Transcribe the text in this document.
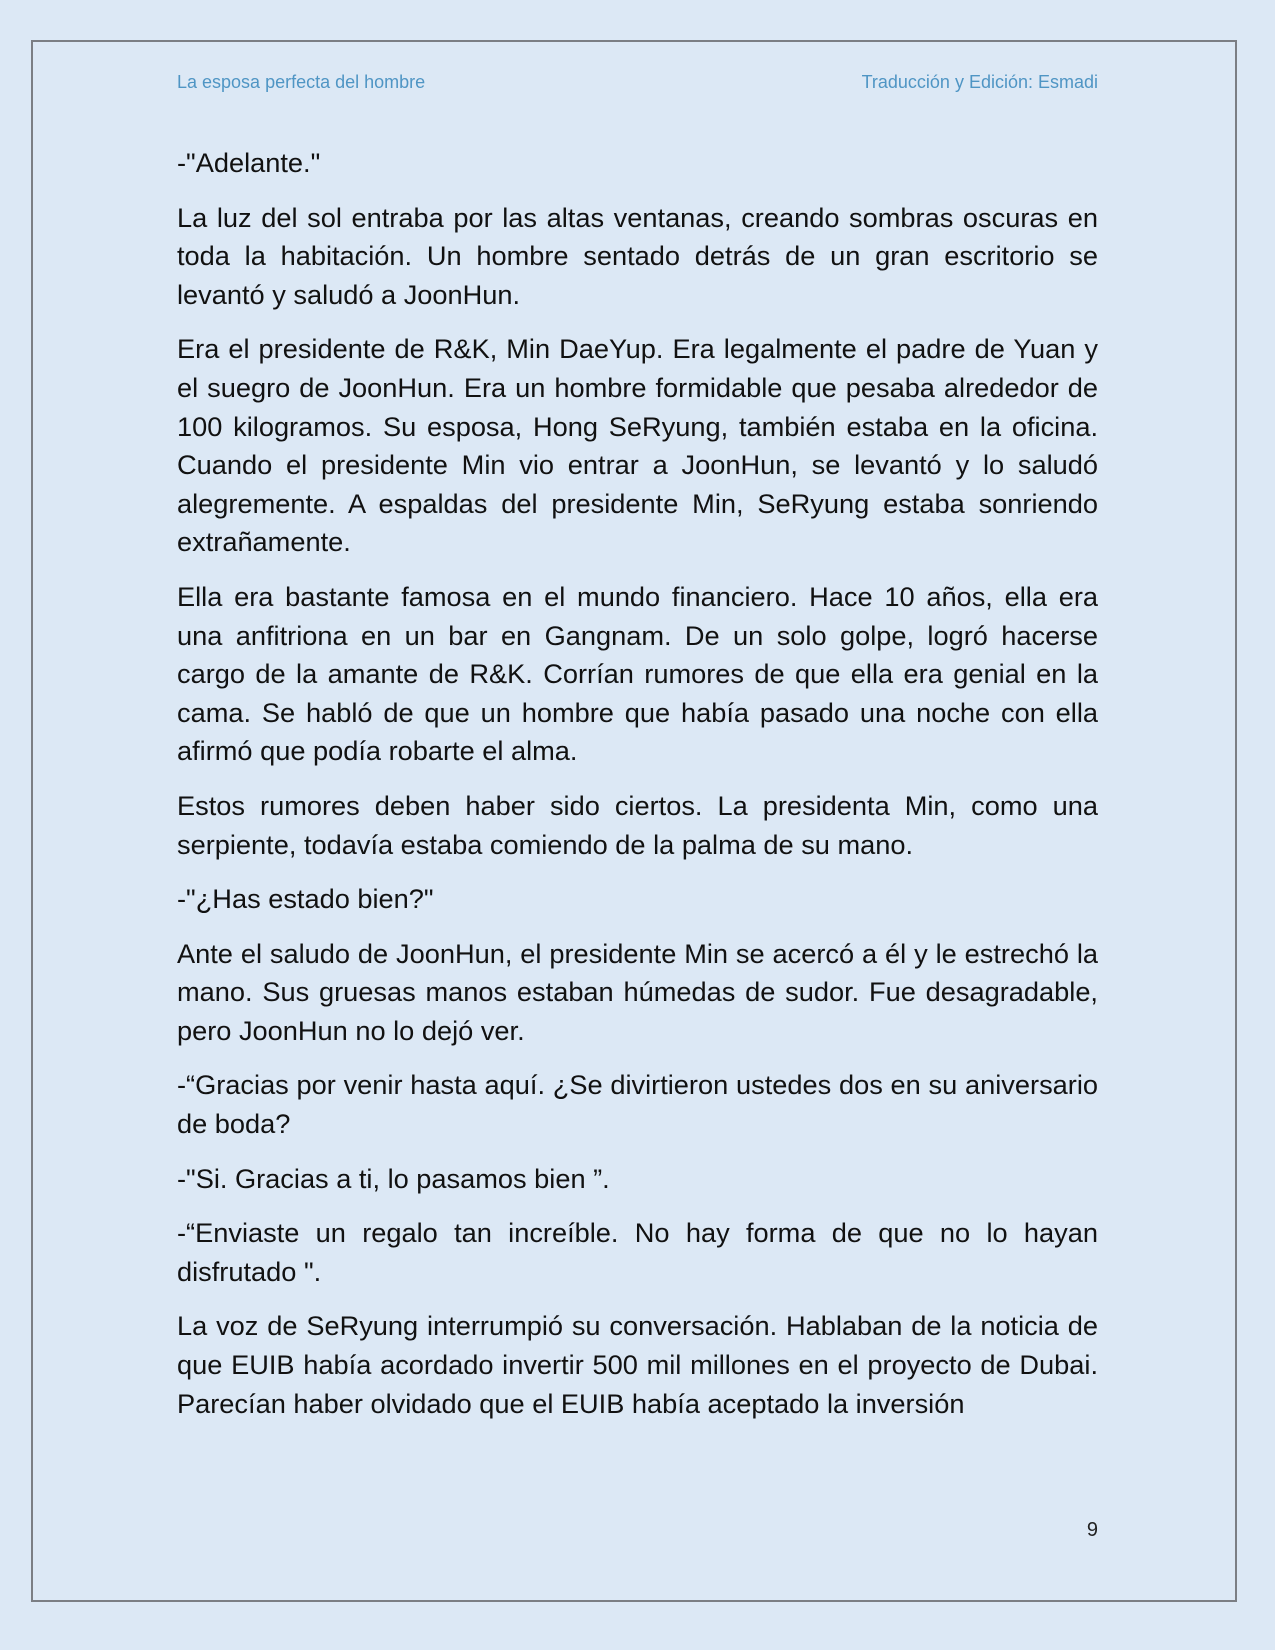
La esposa perfecta del hombre	Traducción y Edición: Esmadi

-"Adelante."

La luz del sol entraba por las altas ventanas, creando sombras oscuras en toda la habitación. Un hombre sentado detrás de un gran escritorio se levantó y saludó a JoonHun.

Era el presidente de R&K, Min DaeYup. Era legalmente el padre de Yuan y el suegro de JoonHun. Era un hombre formidable que pesaba alrededor de 100 kilogramos. Su esposa, Hong SeRyung, también estaba en la oficina. Cuando el presidente Min vio entrar a JoonHun, se levantó y lo saludó alegremente. A espaldas del presidente Min, SeRyung estaba sonriendo extrañamente.

Ella era bastante famosa en el mundo financiero. Hace 10 años, ella era una anfitriona en un bar en Gangnam. De un solo golpe, logró hacerse cargo de la amante de R&K. Corrían rumores de que ella era genial en la cama. Se habló de que un hombre que había pasado una noche con ella afirmó que podía robarte el alma.

Estos rumores deben haber sido ciertos. La presidenta Min, como una serpiente, todavía estaba comiendo de la palma de su mano.

-"¿Has estado bien?"

Ante el saludo de JoonHun, el presidente Min se acercó a él y le estrechó la mano. Sus gruesas manos estaban húmedas de sudor. Fue desagradable, pero JoonHun no lo dejó ver.

-“Gracias por venir hasta aquí. ¿Se divirtieron ustedes dos en su aniversario de boda?

-"Si. Gracias a ti, lo pasamos bien ”.

-“Enviaste un regalo tan increíble. No hay forma de que no lo hayan disfrutado ".

La voz de SeRyung interrumpió su conversación. Hablaban de la noticia de que EUIB había acordado invertir 500 mil millones en el proyecto de Dubai. Parecían haber olvidado que el EUIB había aceptado la inversión

9
